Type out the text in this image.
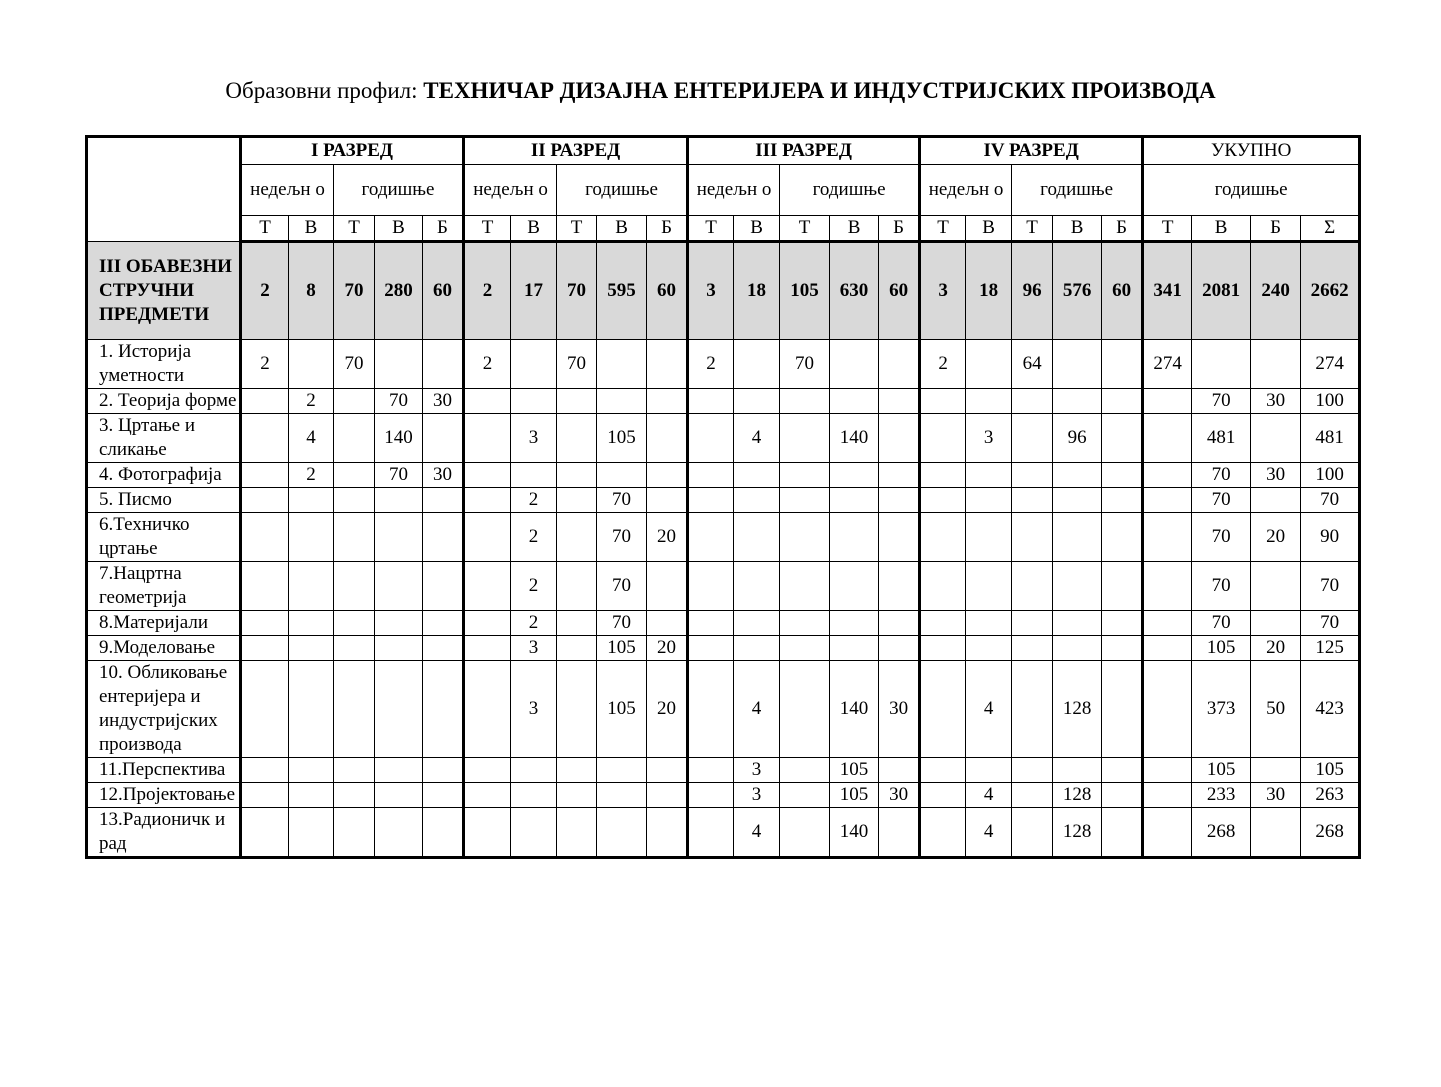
Образовни профил: ТЕХНИЧАР ДИЗАЈНА ЕНТЕРИЈЕРА И ИНДУСТРИЈСКИХ ПРОИЗВОДА
	I РАЗРЕД					II РАЗРЕД					III РАЗРЕД					IV РАЗРЕД					УКУПНО			
	недељн о		годишње			недељн о		годишње			недељн о		годишње			недељн о		годишње			годишње			
	Т	В	Т	В	Б	Т	В	Т	В	Б	Т	В	Т	В	Б	Т	В	Т	В	Б	Т	В	Б	Σ
III ОБАВЕЗНИ СТРУЧНИ ПРЕДМЕТИ	2	8	70	280	60	2	17	70	595	60	3	18	105	630	60	3	18	96	576	60	341	2081	240	2662
1. Историја уметности	2		70			2		70			2		70			2		64			274			274
2. Теорија форме		2		70	30																	70	30	100
3. Цртање и сликање		4		140			3		105			4		140			3		96			481		481
4. Фотографија		2		70	30																	70	30	100
5. Писмо							2		70													70		70
6.Техничко цртање							2		70	20												70	20	90
7.Нацртна геометрија							2		70													70		70
8.Материјали							2		70													70		70
9.Моделовање							3		105	20												105	20	125
10. Обликовање ентеријера и индустријских производа							3		105	20		4		140	30		4		128			373	50	423
11.Перспектива												3		105								105		105
12.Пројектовање												3		105	30		4		128			233	30	263
13.Радионичк и рад												4		140			4		128			268		268
